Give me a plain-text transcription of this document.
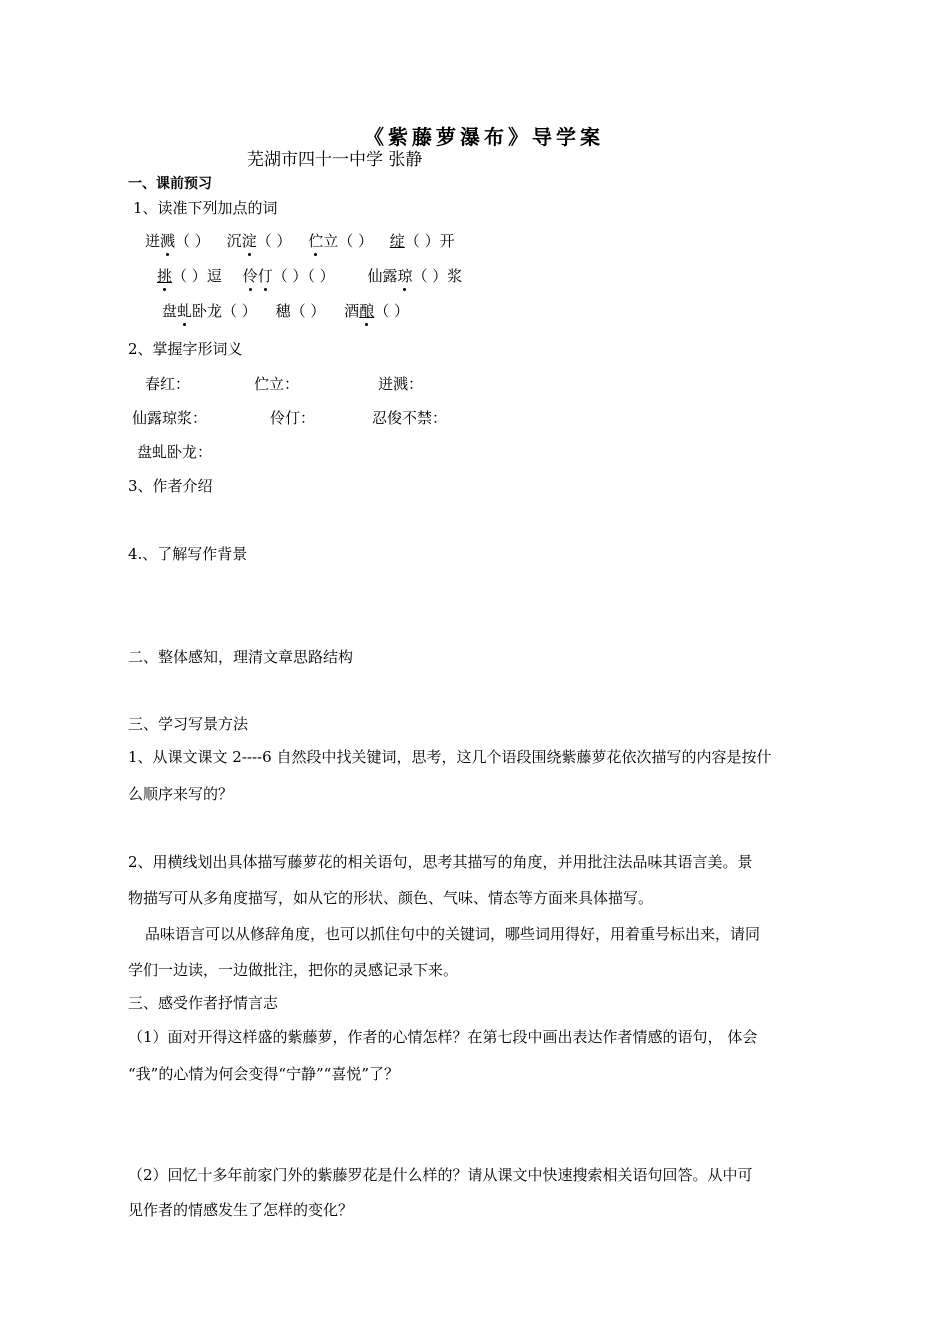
《紫藤萝瀑布》导学案
芜湖市四十一中学 张静
一、课前预习
1、读准下列加点的词
迸溅（ ） 沉淀（ ） 伫立（ ） 绽（ ）开
挑（ ）逗 伶仃（ ）（ ） 仙露琼（ ）浆
盘虬卧龙（ ） 穗（ ） 酒酿（ ）
2、掌握字形词义
春红：	伫立：	迸溅：
仙露琼浆：	伶仃：	忍俊不禁：
盘虬卧龙：
3、作者介绍
4.、了解写作背景
二、整体感知，理清文章思路结构
三、学习写景方法
1、从课文课文 2----6 自然段中找关键词，思考，这几个语段围绕紫藤萝花依次描写的内容是按什
么顺序来写的？
2、用横线划出具体描写藤萝花的相关语句，思考其描写的角度，并用批注法品味其语言美。景
物描写可从多角度描写，如从它的形状、颜色、气味、情态等方面来具体描写。
品味语言可以从修辞角度，也可以抓住句中的关键词，哪些词用得好，用着重号标出来，请同
学们一边读，一边做批注，把你的灵感记录下来。
三、感受作者抒情言志
（1）面对开得这样盛的紫藤萝，作者的心情怎样？在第七段中画出表达作者情感的语句， 体会
“我”的心情为何会变得“宁静”“喜悦”了？
（2）回忆十多年前家门外的紫藤罗花是什么样的？请从课文中快速搜索相关语句回答。从中可
见作者的情感发生了怎样的变化？
